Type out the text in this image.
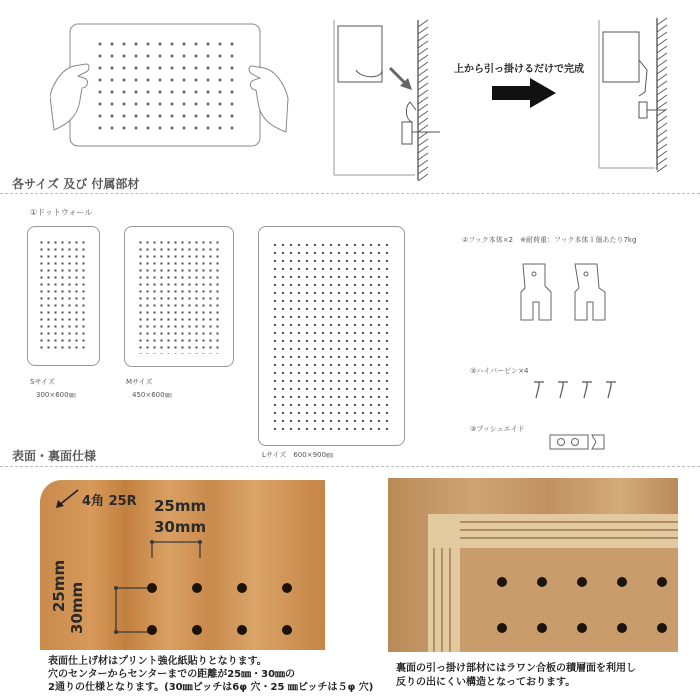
上から引っ掛けるだけで完成
各サイズ 及び 付属部材
①ドットウォール
Sサイズ
300×600㎜
Mサイズ
450×600㎜
Lサイズ　600×900㎜
②フック本体×2　※耐荷重：フック本体１個あたり7kg
③ハイパーピン×4
③プッシュエイド
表面・裏面仕様
4角 25R 25mm
30mm
25mm 30mm
表面仕上げ材はプリント強化紙貼りとなります。
穴のセンターからセンターまでの距離が25㎜・30㎜の
2通りの仕様となります。(30㎜ピッチは6φ 穴・25 ㎜ピッチは５φ 穴)
裏面の引っ掛け部材にはラワン合板の積層面を利用し
反りの出にくい構造となっております。
